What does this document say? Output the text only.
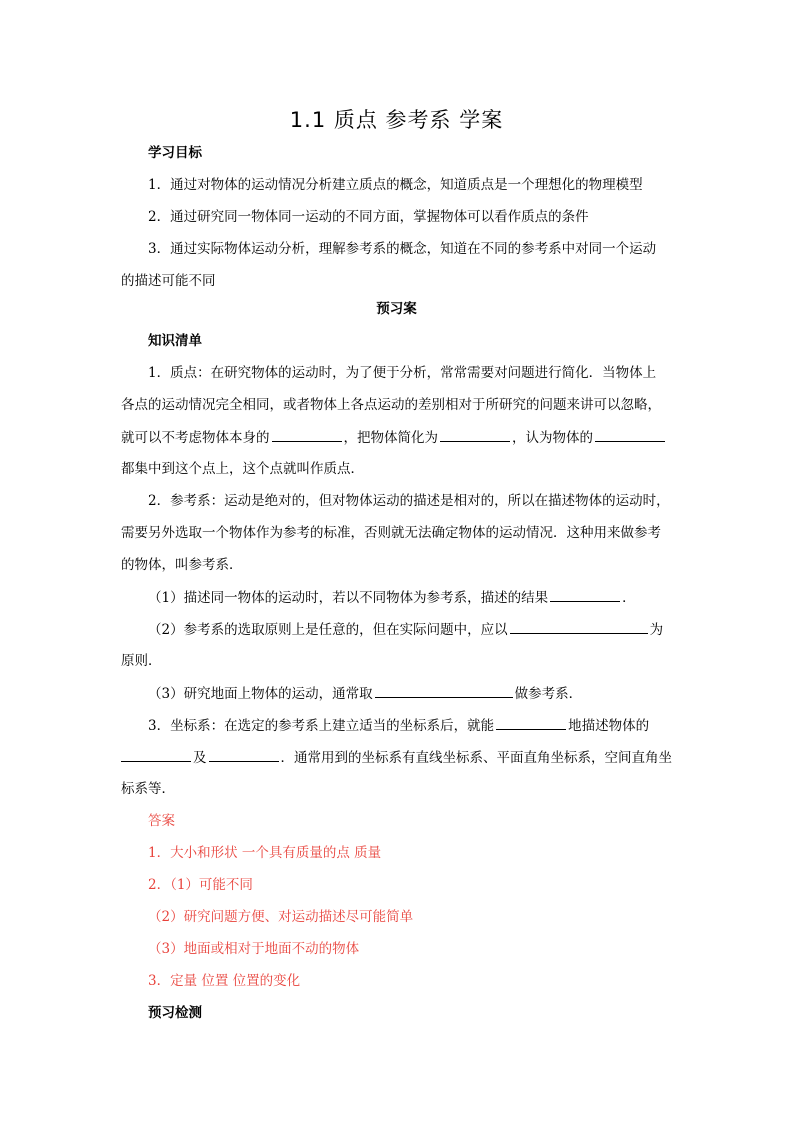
1.1 质点 参考系 学案
学习目标
1．通过对物体的运动情况分析建立质点的概念，知道质点是一个理想化的物理模型
2．通过研究同一物体同一运动的不同方面，掌握物体可以看作质点的条件
3．通过实际物体运动分析，理解参考系的概念，知道在不同的参考系中对同一个运动
的描述可能不同
预习案
知识清单
1．质点：在研究物体的运动时，为了便于分析，常常需要对问题进行简化．当物体上
各点的运动情况完全相同，或者物体上各点运动的差别相对于所研究的问题来讲可以忽略，
就可以不考虑物体本身的	，把物体简化为	，认为物体的
都集中到这个点上，这个点就叫作质点．
2．参考系：运动是绝对的，但对物体运动的描述是相对的，所以在描述物体的运动时，
需要另外选取一个物体作为参考的标准，否则就无法确定物体的运动情况．这种用来做参考
的物体，叫参考系．
（1）描述同一物体的运动时，若以不同物体为参考系，描述的结果	．
（2）参考系的选取原则上是任意的，但在实际问题中，应以	为
原则．
（3）研究地面上物体的运动，通常取	做参考系．
3．坐标系：在选定的参考系上建立适当的坐标系后，就能	地描述物体的
及	．通常用到的坐标系有直线坐标系、平面直角坐标系，空间直角坐
标系等．
答案
1．大小和形状 一个具有质量的点 质量
2．（1）可能不同
（2）研究问题方便、对运动描述尽可能简单
（3）地面或相对于地面不动的物体
3．定量 位置 位置的变化
预习检测
